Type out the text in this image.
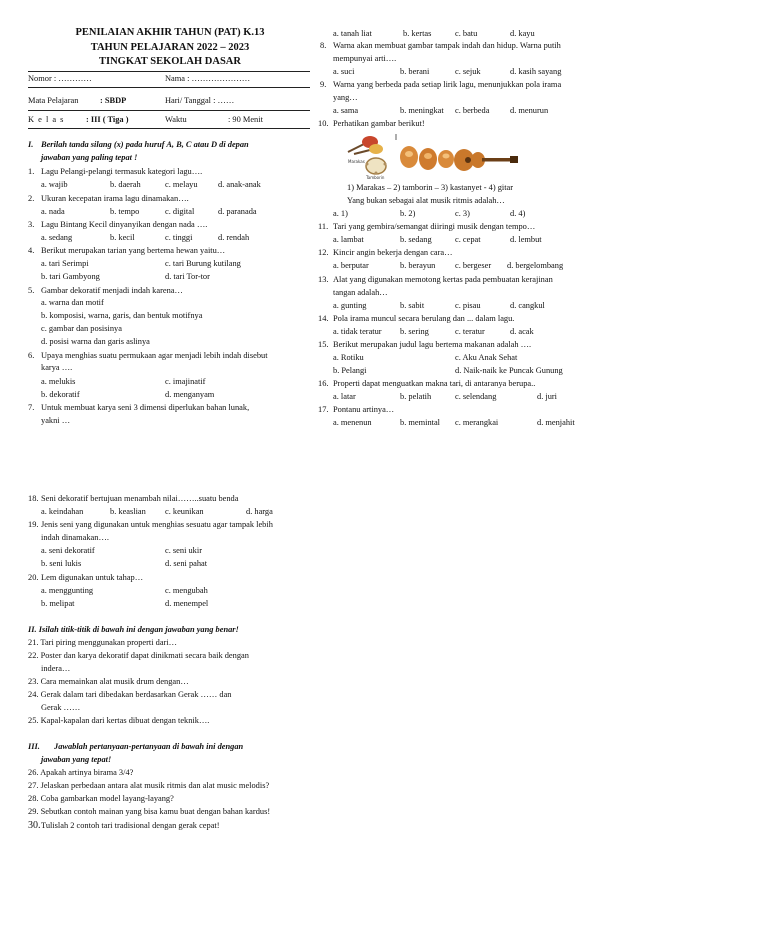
PENILAIAN AKHIR TAHUN (PAT) K.13
TAHUN PELAJARAN 2022 – 2023
TINGKAT SEKOLAH DASAR
Nomor : …………	Nama : …………………
Mata Pelajaran	: SBDP	Hari/ Tanggal : ……
K e l a s	: III ( Tiga )	Waktu	: 90 Menit
I. Berilah tanda silang (x) pada huruf A, B, C atau D di depan
jawaban yang paling tepat !
1. Lagu Pelangi-pelangi termasuk kategori lagu….
a. wajib	b. daerah	c. melayu d. anak-anak
2. Ukuran kecepatan irama lagu dinamakan….
a. nada	b. tempo	c. digital	d. paranada
3. Lagu Bintang Kecil dinyanyikan dengan nada ….
a. sedang	b. kecil	c. tinggi	d. rendah
4. Berikut merupakan tarian yang bertema hewan yaitu…
a. tari Serimpi	c. tari Burung kutilang
b. tari Gambyong	d. tari Tor-tor
5. Gambar dekoratif menjadi indah karena…
a. warna dan motif
b. komposisi, warna, garis, dan bentuk motifnya
c. gambar dan posisinya
d. posisi warna dan garis aslinya
6. Upaya menghias suatu permukaan agar menjadi lebih indah disebut
karya ….
a. melukis	c. imajinatif
b. dekoratif	d. menganyam
7. Untuk membuat karya seni 3 dimensi diperlukan bahan lunak,
yakni …
a. tanah liat	b. kertas	c. batu	d. kayu
8. Warna akan membuat gambar tampak indah dan hidup. Warna putih
mempunyai arti….
a. suci	b. berani	c. sejuk	d. kasih sayang
9. Warna yang berbeda pada setiap lirik lagu, menunjukkan pola irama
yang…
a. sama	b. meningkat c. berbeda d. menurun
10. Perhatikan gambar berikut!
Marakas
Tamborin
1) Marakas – 2) tamborin – 3) kastanyet - 4) gitar
Yang bukan sebagai alat musik ritmis adalah…
a. 1)	b. 2)	c. 3)	d. 4)
11. Tari yang gembira/semangat diiringi musik dengan tempo…
a. lambat	b. sedang	c. cepat	d. lembut
12. Kincir angin bekerja dengan cara…
a. berputar	b. berayun c. bergeser d. bergelombang
13. Alat yang digunakan memotong kertas pada pembuatan kerajinan
tangan adalah…
a. gunting	b. sabit	c. pisau	d. cangkul
14. Pola irama muncul secara berulang dan ... dalam lagu.
a. tidak teratur b. sering	c. teratur	d. acak
15. Berikut merupakan judul lagu bertema makanan adalah ….
a. Rotiku	c. Aku Anak Sehat
b. Pelangi	d. Naik-naik ke Puncak Gunung
16. Properti dapat menguatkan makna tari, di antaranya berupa..
a. latar	b. pelatih	c. selendang	d. juri
17. Pontanu artinya…
a. menenun	b. memintal c. merangkai	d. menjahit
18. Seni dekoratif bertujuan menambah nilai……..suatu benda
a. keindahan	b. keaslian c. keunikan	d. harga
19. Jenis seni yang digunakan untuk menghias sesuatu agar tampak lebih
indah dinamakan….
a. seni dekoratif	c. seni ukir
b. seni lukis	d. seni pahat
20. Lem digunakan untuk tahap…
a. menggunting	c. mengubah
b. melipat	d. menempel
II. Isilah titik-titik di bawah ini dengan jawaban yang benar!
21. Tari piring menggunakan properti dari…
22. Poster dan karya dekoratif dapat dinikmati secara baik dengan
indera…
23. Cara memainkan alat musik drum dengan…
24. Gerak dalam tari dibedakan berdasarkan Gerak …… dan
Gerak ……
25. Kapal-kapalan dari kertas dibuat dengan teknik….
III. Jawablah pertanyaan-pertanyaan di bawah ini dengan
jawaban yang tepat!
26. Apakah artinya birama 3/4?
27. Jelaskan perbedaan antara alat musik ritmis dan alat music melodis?
28. Coba gambarkan model layang-layang?
29. Sebutkan contoh mainan yang bisa kamu buat dengan bahan kardus!
30. Tulislah 2 contoh tari tradisional dengan gerak cepat!
